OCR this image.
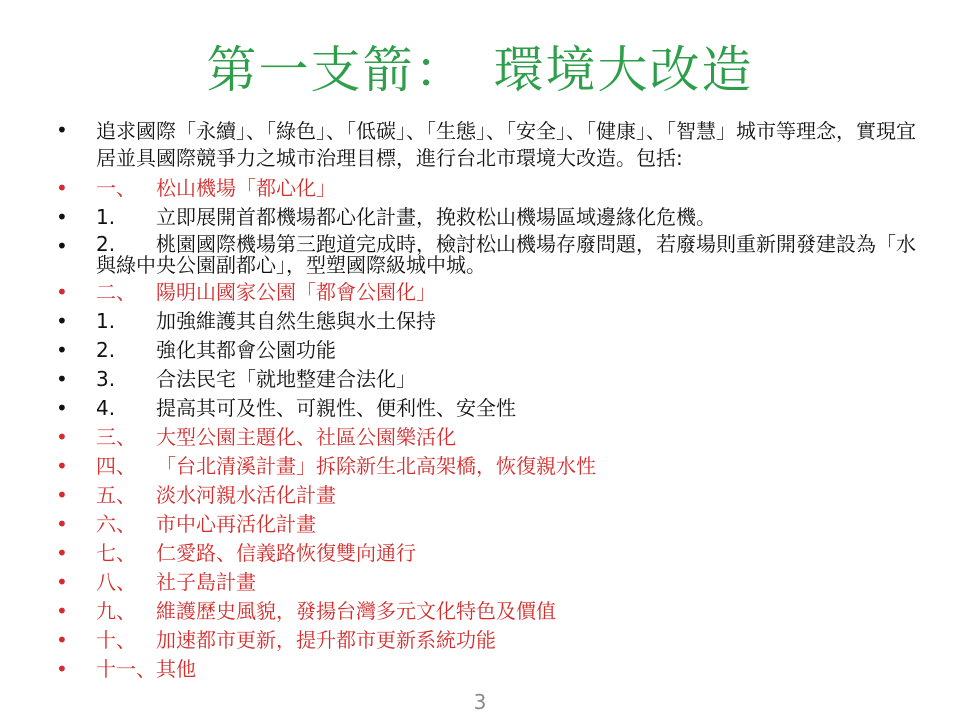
第一支箭：　環境大改造
•	追求國際「永續」、「綠色」、「低碳」、「生態」、「安全」、「健康」、「智慧」城市等理念，實現宜居並具國際競爭力之城市治理目標，進行台北市環境大改造。包括:
•	一、 松山機場「都心化」
•	1. 立即展開首都機場都心化計畫，挽救松山機場區域邊緣化危機。
•	2. 桃園國際機場第三跑道完成時，檢討松山機場存廢問題，若廢場則重新開發建設為「水與綠中央公園副都心」，型塑國際級城中城。
•	二、 陽明山國家公園「都會公園化」
•	1. 加強維護其自然生態與水土保持
•	2. 強化其都會公園功能
•	3. 合法民宅「就地整建合法化」
•	4. 提高其可及性、可親性、便利性、安全性
•	三、 大型公園主題化、社區公園樂活化
•	四、 「台北清溪計畫」拆除新生北高架橋，恢復親水性
•	五、 淡水河親水活化計畫
•	六、 市中心再活化計畫
•	七、 仁愛路、信義路恢復雙向通行
•	八、 社子島計畫
•	九、 維護歷史風貌，發揚台灣多元文化特色及價值
•	十、 加速都市更新，提升都市更新系統功能
•	十一、其他
3
